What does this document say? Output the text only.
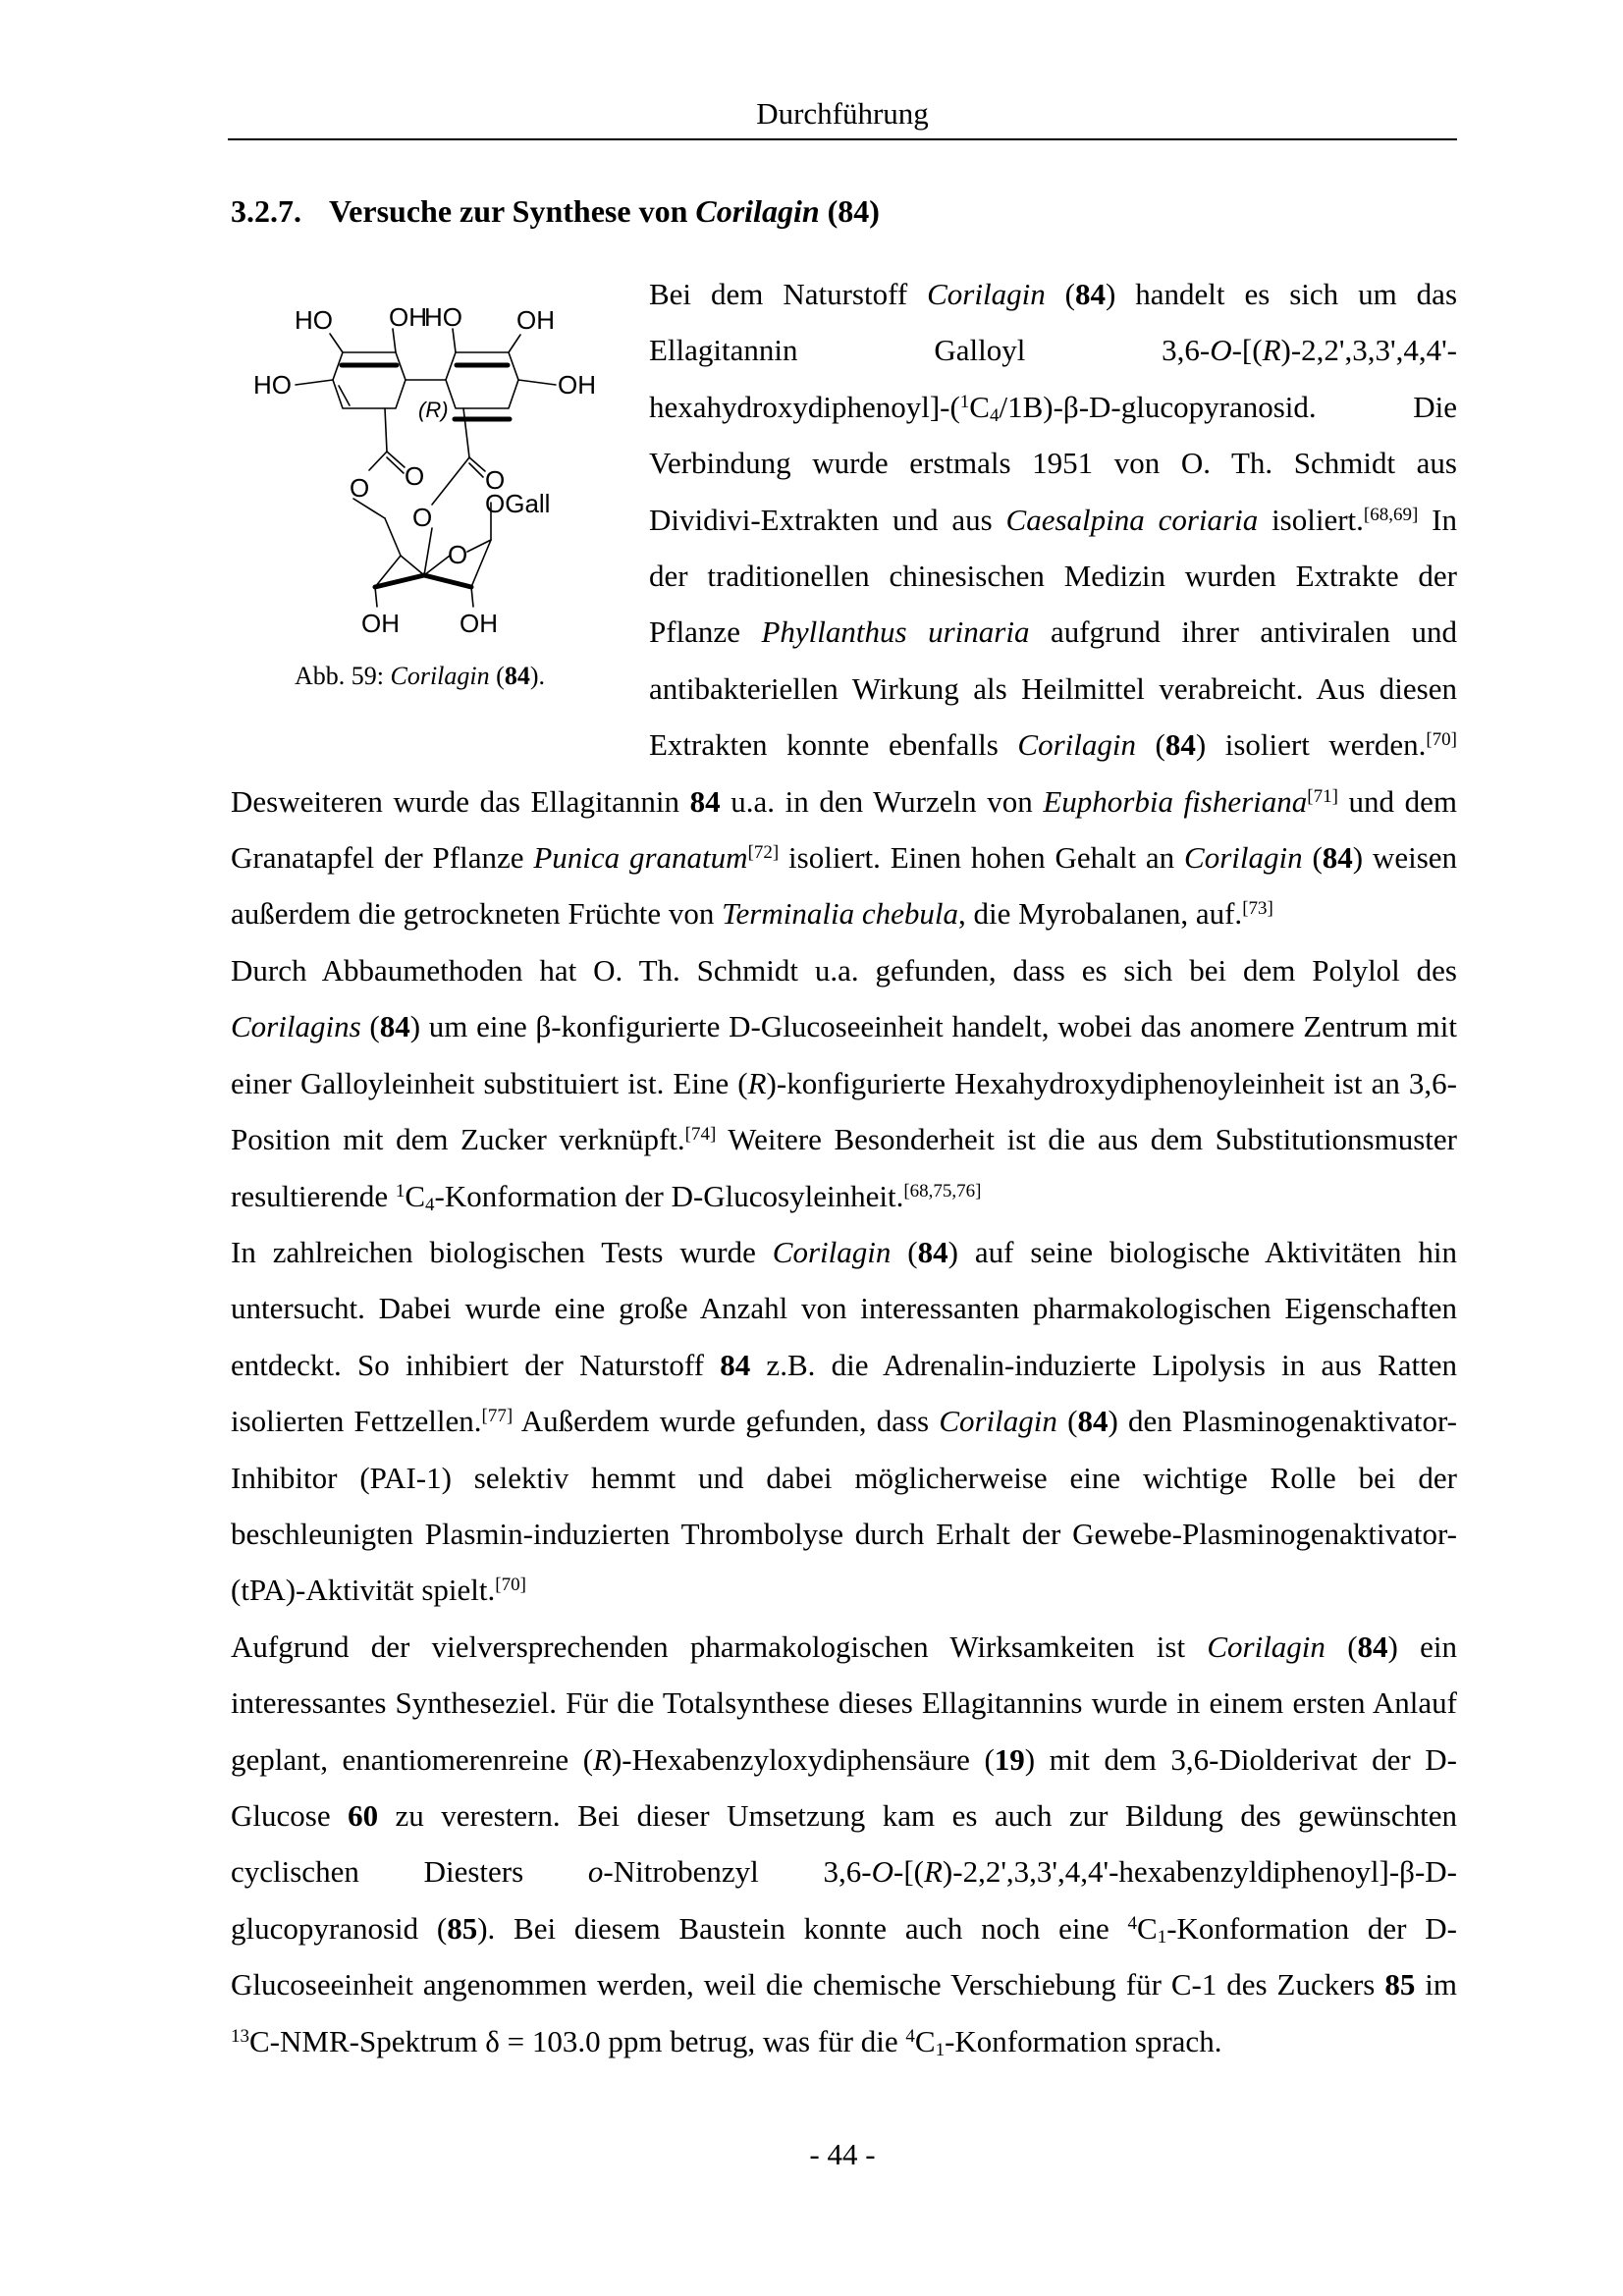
Durchführung
3.2.7. Versuche zur Synthese von Corilagin (84)
HO OH
HO OH
HO	OH
(R)
O O
O
O OGall
O
OH OH
Abb. 59: Corilagin (84).

Bei dem Naturstoff Corilagin (84) handelt es sich um das Ellagitannin Galloyl $3,6-O-[(R)-2,2',3,3',4,4'-hexahydroxydiphenoyl]-(^1C_4/1B)-\beta-D$-glucopyranosid. Die Verbindung wurde erstmals 1951 von O. Th. Schmidt aus Dividivi-Extrakten und aus Caesalpina coriaria isoliert.[68,69] In der traditionellen chinesischen Medizin wurden Extrakte der Pflanze Phyllanthus urinaria aufgrund ihrer antiviralen und antibakteriellen Wirkung als Heilmittel verabreicht. Aus diesen Extrakten konnte ebenfalls Corilagin (84) isoliert werden.[70] Desweiteren wurde das Ellagitannin 84 u.a. in den Wurzeln von Euphorbia fisheriana[71] und dem Granatapfel der Pflanze Punica granatum[72] isoliert. Einen hohen Gehalt an Corilagin (84) weisen außerdem die getrockneten Früchte von Terminalia chebula, die Myrobalanen, auf.[73]

Durch Abbaumethoden hat O. Th. Schmidt u.a. gefunden, dass es sich bei dem Polylol des Corilagins (84) um eine β-konfigurierte D-Glucoseeinheit handelt, wobei das anomere Zentrum mit einer Galloyleinheit substituiert ist. Eine (R)-konfigurierte Hexahydroxydiphenoyleinheit ist an 3,6-Position mit dem Zucker verknüpft.[74] Weitere Besonderheit ist die aus dem Substitutionsmuster resultierende $^1C_4$-Konformation der D-Glucosyleinheit.[68,75,76]

In zahlreichen biologischen Tests wurde Corilagin (84) auf seine biologische Aktivitäten hin untersucht. Dabei wurde eine große Anzahl von interessanten pharmakologischen Eigenschaften entdeckt. So inhibiert der Naturstoff 84 z.B. die Adrenalin-induzierte Lipolysis in aus Ratten isolierten Fettzellen.[77] Außerdem wurde gefunden, dass Corilagin (84) den Plasminogenaktivator-Inhibitor (PAI-1) selektiv hemmt und dabei möglicherweise eine wichtige Rolle bei der beschleunigten Plasmin-induzierten Thrombolyse durch Erhalt der Gewebe-Plasminogenaktivator-(tPA)-Aktivität spielt.[70]

Aufgrund der vielversprechenden pharmakologischen Wirksamkeiten ist Corilagin (84) ein interessantes Syntheseziel. Für die Totalsynthese dieses Ellagitannins wurde in einem ersten Anlauf geplant, enantiomerenreine (R)-Hexabenzyloxydiphensäure (19) mit dem 3,6-Diolderivat der D-Glucose 60 zu verestern. Bei dieser Umsetzung kam es auch zur Bildung des gewünschten cyclischen Diesters o-Nitrobenzyl 3,6-O-[(R)-2,2',3,3',4,4'-hexabenzyldiphenoyl]-β-D-glucopyranosid (85). Bei diesem Baustein konnte auch noch eine $^4C_1$-Konformation der D-Glucoseeinheit angenommen werden, weil die chemische Verschiebung für C-1 des Zuckers 85 im $^{13}$C-NMR-Spektrum δ = 103.0 ppm betrug, was für die $^4C_1$-Konformation sprach.

- 44 -
